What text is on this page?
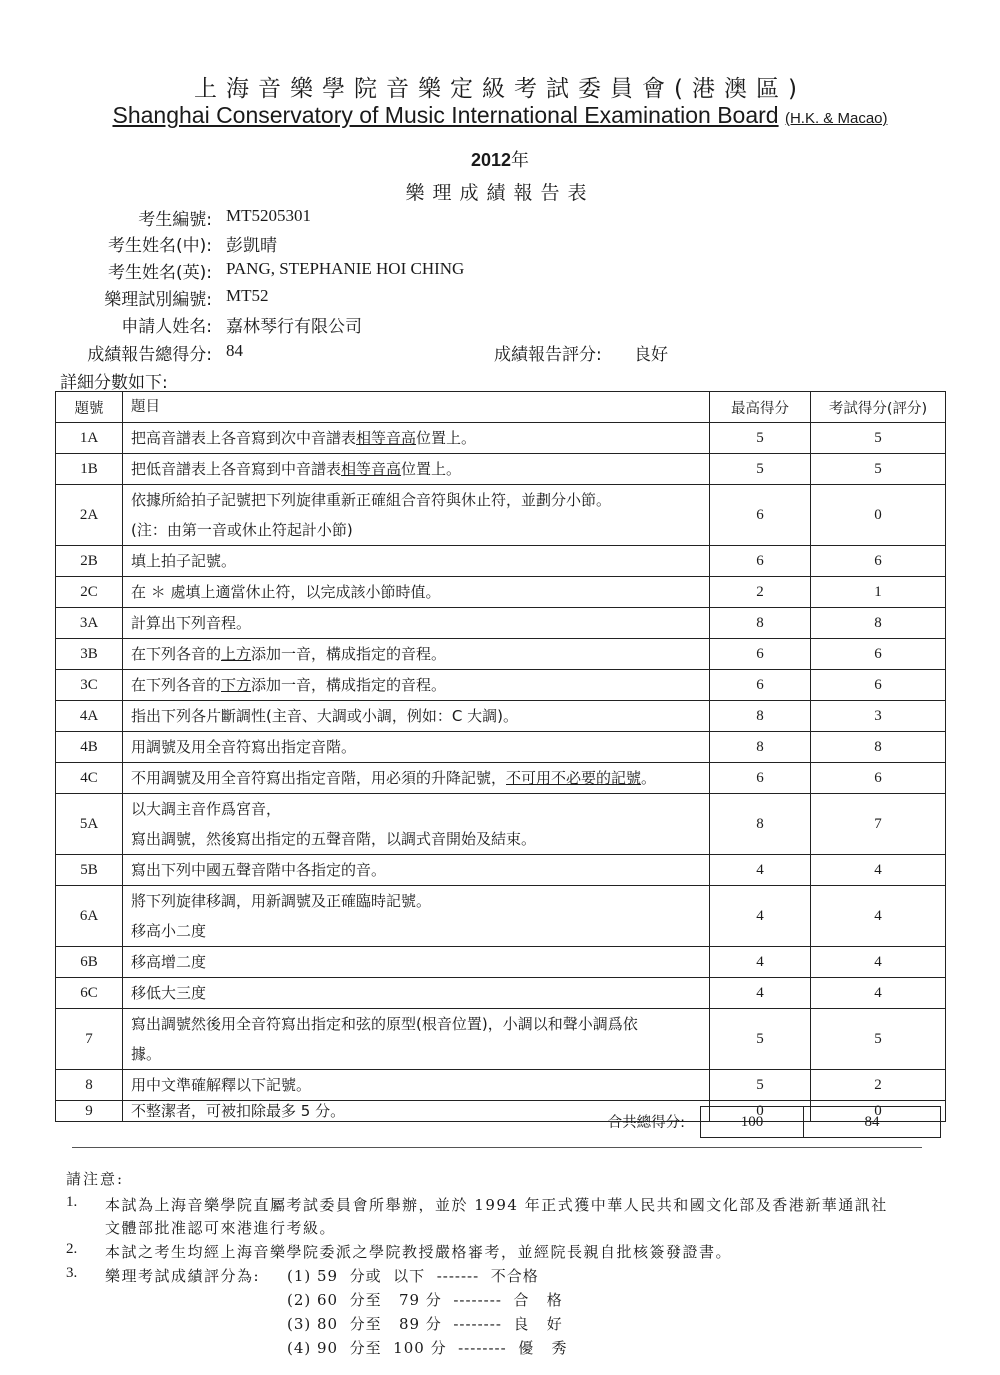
上海音樂學院音樂定級考試委員會(港澳區)
Shanghai Conservatory of Music International Examination Board (H.K. & Macao)
2012年
樂理成績報告表
考生編號: MT5205301
考生姓名(中): 彭凱晴
考生姓名(英): PANG, STEPHANIE HOI CHING
樂理試別編號: MT52
申請人姓名: 嘉林琴行有限公司
成績報告總得分: 84	成績報告評分: 良好
詳細分數如下:
題號	題目	最高得分	考試得分(評分)
1A	把高音譜表上各音寫到次中音譜表相等音高位置上。	5	5
1B	把低音譜表上各音寫到中音譜表相等音高位置上。	5	5
2A	依據所給拍子記號把下列旋律重新正確組合音符與休止符，並劃分小節。
(注：由第一音或休止符起計小節)	6	0
2B	填上拍子記號。	6	6
2C	在 ＊ 處填上適當休止符，以完成該小節時值。	2	1
3A	計算出下列音程。	8	8
3B	在下列各音的上方添加一音，構成指定的音程。	6	6
3C	在下列各音的下方添加一音，構成指定的音程。	6	6
4A	指出下列各片斷調性(主音、大調或小調，例如：C 大調)。	8	3
4B	用調號及用全音符寫出指定音階。	8	8
4C	不用調號及用全音符寫出指定音階，用必須的升降記號，不可用不必要的記號。	6	6
5A	以大調主音作爲宮音，
寫出調號，然後寫出指定的五聲音階，以調式音開始及結束。	8	7
5B	寫出下列中國五聲音階中各指定的音。	4	4
6A	將下列旋律移調，用新調號及正確臨時記號。
移高小二度	4	4
6B	移高增二度	4	4
6C	移低大三度	4	4
7	寫出調號然後用全音符寫出指定和弦的原型(根音位置)，小調以和聲小調爲依
據。	5	5
8	用中文準確解釋以下記號。	5	2
9	不整潔者，可被扣除最多 5 分。	0	0
合共總得分:	100	84
請注意:
1. 本試為上海音樂學院直屬考試委員會所舉辦，並於 1994 年正式獲中華人民共和國文化部及香港新華通訊社
文體部批准認可來港進行考級。
2. 本試之考生均經上海音樂學院委派之學院教授嚴格審考，並經院長親自批核簽發證書。
3. 樂理考試成績評分為: (1) 59  分或  以下  -------  不合格
(2) 60  分至   79 分  --------  合   格
(3) 80  分至   89 分  --------  良   好
(4) 90  分至  100 分  --------  優   秀
